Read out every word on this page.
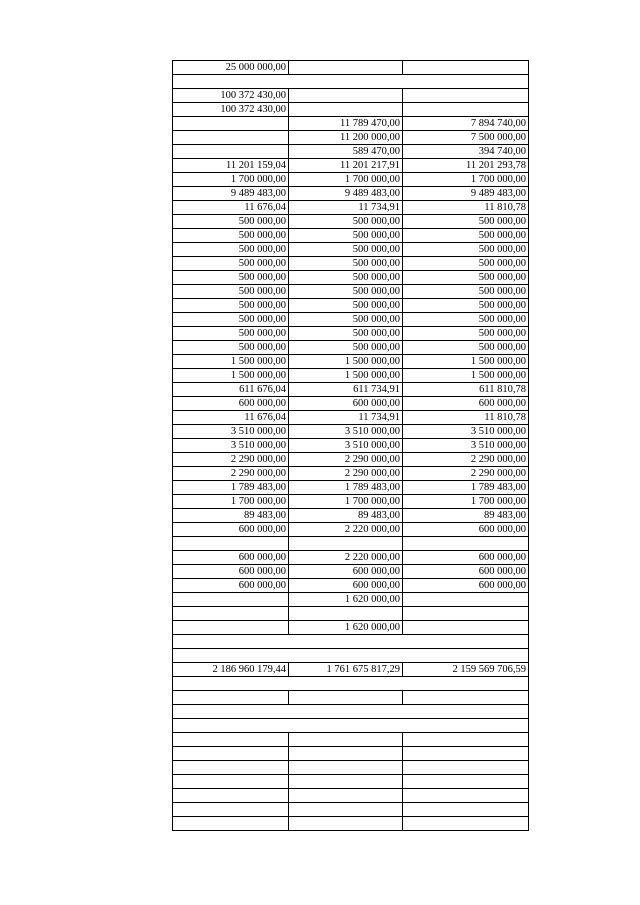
25 000 000,00		

100 372 430,00		
100 372 430,00		
	11 789 470,00	7 894 740,00
	11 200 000,00	7 500 000,00
	589 470,00	394 740,00
11 201 159,04	11 201 217,91	11 201 293,78
1 700 000,00	1 700 000,00	1 700 000,00
9 489 483,00	9 489 483,00	9 489 483,00
11 676,04	11 734,91	11 810,78
500 000,00	500 000,00	500 000,00
500 000,00	500 000,00	500 000,00
500 000,00	500 000,00	500 000,00
500 000,00	500 000,00	500 000,00
500 000,00	500 000,00	500 000,00
500 000,00	500 000,00	500 000,00
500 000,00	500 000,00	500 000,00
500 000,00	500 000,00	500 000,00
500 000,00	500 000,00	500 000,00
500 000,00	500 000,00	500 000,00
1 500 000,00	1 500 000,00	1 500 000,00
1 500 000,00	1 500 000,00	1 500 000,00
611 676,04	611 734,91	611 810,78
600 000,00	600 000,00	600 000,00
11 676,04	11 734,91	11 810,78
3 510 000,00	3 510 000,00	3 510 000,00
3 510 000,00	3 510 000,00	3 510 000,00
2 290 000,00	2 290 000,00	2 290 000,00
2 290 000,00	2 290 000,00	2 290 000,00
1 789 483,00	1 789 483,00	1 789 483,00
1 700 000,00	1 700 000,00	1 700 000,00
89 483,00	89 483,00	89 483,00
600 000,00	2 220 000,00	600 000,00

600 000,00	2 220 000,00	600 000,00
600 000,00	600 000,00	600 000,00
600 000,00	600 000,00	600 000,00
	1 620 000,00	

	1 620 000,00	

2 186 960 179,44	1 761 675 817,29	2 159 569 706,59
